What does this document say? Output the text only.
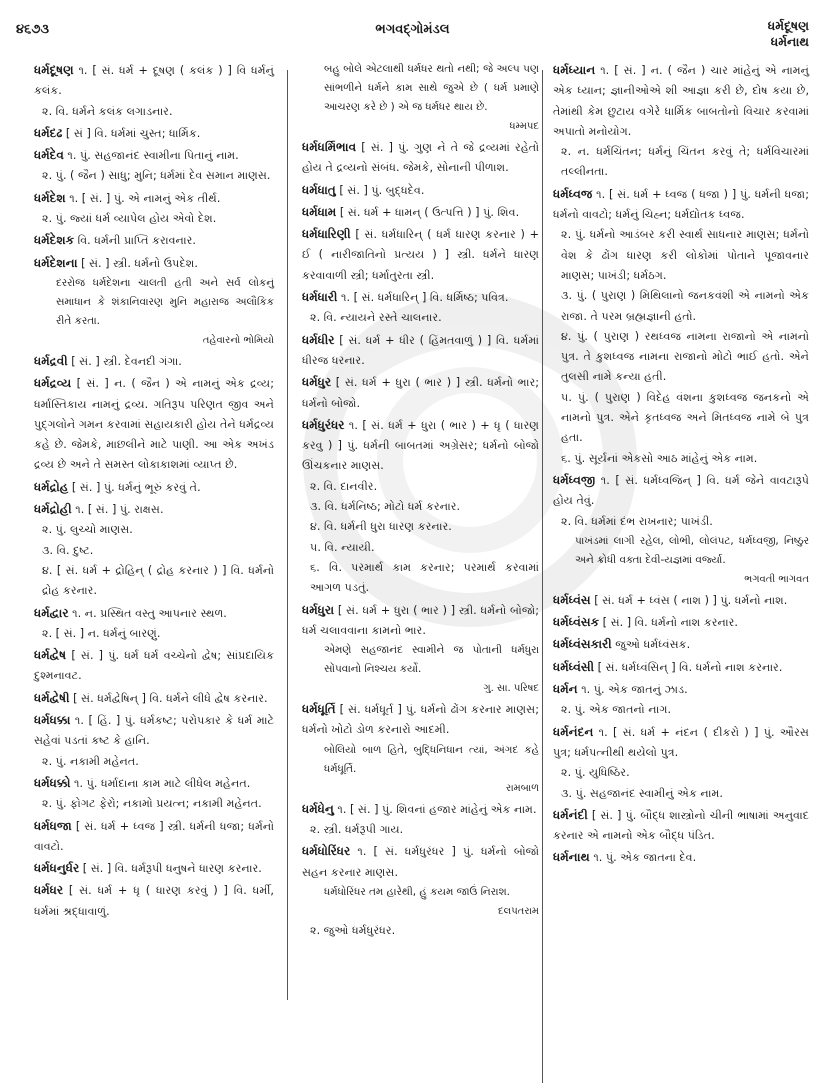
૪૬૭૩	ભગવદ્ગોમંડલ	ધર્મદૂષણ
ધર્મનાથ
ધર્મદૂષણ ૧. [ સં. ધર્મ + દૂષણ ( કલંક ) ] વિ ધર્મનું કલંક.
૨. વિ. ધર્મને કલંક લગાડનાર.
ધર્મદઢ [ સં ] વિ. ધર્મમાં ચુસ્ત; ધાર્મિક.
ધર્મદેવ ૧. પું. સહજાનંદ સ્વામીના પિતાનું નામ.
૨. પું. ( જૈન ) સાધુ; મુનિ; ધર્મમાં દેવ સમાન માણસ.
ધર્મદેશ ૧. [ સં. ] પું. એ નામનું એક તીર્થ.
૨. પું. જ્યાં ધર્મ વ્યાપેલ હોય એવો દેશ.
ધર્મદેશક વિ. ધર્મની પ્રાપ્તિ કરાવનાર.
ધર્મદેશના [ સં. ] સ્ત્રી. ધર્મનો ઉપદેશ.
દરરોજ ધર્મદેશના ચાલતી હતી અને સર્વ લોકનું સમાધાન કે શંકાનિવારણ મુનિ મહારાજ અલૌકિક રીતે કરતા.
તહેવારનો ભોમિયો
ધર્મદ્રવી [ સં. ] સ્ત્રી. દેવનદી ગંગા.
ધર્મદ્રવ્ય [ સં. ] ન. ( જૈન ) એ નામનું એક દ્રવ્ય; ધર્માસ્તિકાય નામનું દ્રવ્ય. ગતિરૂપ પરિણત જીવ અને પુદ્ગલોને ગમન કરવામાં સહાયકારી હોય તેને ધર્મદ્રવ્ય કહે છે. જેમકે, માછલીને માટે પાણી. આ એક અખંડ દ્રવ્ય છે અને તે સમસ્ત લોકાકાશમાં વ્યાપ્ત છે.
ધર્મદ્રોહ [ સં. ] પું. ધર્મનું ભૂરું કરવું તે.
ધર્મદ્રોહી ૧. [ સં. ] પું. રાક્ષસ.
૨. પું. લુચ્ચો માણસ.
૩. વિ. દુષ્ટ.
૪. [ સં. ધર્મ + દ્રોહિન્ ( દ્રોહ કરનાર ) ] વિ. ધર્મનો દ્રોહ કરનાર.
ધર્મદ્વાર ૧. ન. પ્રસ્થિત વસ્તુ આપનાર સ્થળ.
૨. [ સં. ] ન. ધર્મનું બારણું.
ધર્મદ્વેષ [ સં. ] પું. ધર્મ ધર્મ વચ્ચેનો દ્વેષ; સાંપ્રદાયિક દુશ્મનાવટ.
ધર્મદ્વેષી [ સં. ધર્મદ્વેષિન્ ] વિ. ધર્મને લીધે દ્વેષ કરનાર.
ધર્મધક્કા ૧. [ હિં. ] પું. ધર્મકષ્ટ; પરોપકાર કે ધર્મ માટે સહેવાં પડતાં કષ્ટ કે હાનિ.
૨. પું. નકામી મહેનત.
ધર્મધક્કો ૧. પું. ધર્માદાના કામ માટે લીધેલ મહેનત.
૨. પું. ફોગટ ફેરો; નકામો પ્રયત્ન; નકામી મહેનત.
ધર્મધજા [ સં. ધર્મ + ધ્વજ ] સ્ત્રી. ધર્મની ધજા; ધર્મનો વાવટો.
ધર્મધનુર્ધર [ સં. ] વિ. ધર્મરૂપી ધનુષને ધારણ કરનાર.
ધર્મધર [ સં. ધર્મ + ધૃ ( ધારણ કરવું ) ] વિ. ધર્મી, ધર્મમાં શ્રદ્ધાવાળું.
બહુ બોલે એટલાથી ધર્મધર થતો નથી; જે અલ્પ પણ સાંભળીને ધર્મને કામ સાથે જુએ છે ( ધર્મ પ્રમાણે આચરણ કરે છે ) એ જ ધર્મધર થાય છે.
ધમ્મપદ
ધર્મધર્મિભાવ [ સં. ] પું. ગુણ ને તે જે દ્રવ્યમાં રહેતો હોય તે દ્રવ્યનો સંબંધ. જેમકે, સોનાની પીળાશ.
ધર્મધાતુ [ સં. ] પું. બુદ્ધદેવ.
ધર્મધામ [ સં. ધર્મ + ધામન્ ( ઉત્પત્તિ ) ] પું. શિવ.
ધર્મધારિણી [ સં. ધર્મધારિન્ ( ધર્મ ધારણ કરનાર ) + ઈ ( નારીજાતિનો પ્રત્યય ) ] સ્ત્રી. ધર્મને ધારણ કરવાવાળી સ્ત્રી; ધર્માતુરતા સ્ત્રી.
ધર્મધારી ૧. [ સં. ધર્મધારિન્ ] વિ. ધર્મિષ્ઠ; પવિત્ર.
૨. વિ. ન્યાયને રસ્તે ચાલનાર.
ધર્મધીર [ સં. ધર્મ + ધીર ( હિંમતવાળું ) ] વિ. ધર્મમાં ધીરજ ધરનાર.
ધર્મધુર [ સં. ધર્મ + ધુરા ( ભાર ) ] સ્ત્રી. ધર્મનો ભાર; ધર્મનો બોજો.
ધર્મધુરંધર ૧. [ સં. ધર્મ + ધુરા ( ભાર ) + ધૃ ( ધારણ કરવુ ) ] પું. ધર્મની બાબતમાં અગ્રેસર; ધર્મનો બોજો ઊંચકનાર માણસ.
૨. વિ. દાનવીર.
૩. વિ. ધર્મનિષ્ઠ; મોટો ધર્મ કરનાર.
૪. વિ. ધર્મની ધુરા ધારણ કરનાર.
૫. વિ. ન્યાયી.
૬. વિ. પરમાર્થ કામ કરનાર; પરમાર્થ કરવામાં આગળ પડતું.
ધર્મધુરા [ સં. ધર્મ + ધુરા ( ભાર ) ] સ્ત્રી. ધર્મનો બોજો; ધર્મ ચલાવવાના કામનો ભાર.
એમણે સહજાનંદ સ્વામીને જ પોતાની ધર્મધુરા સોંપવાનો નિશ્ચય કર્યો.
ગુ. સા. પરિષદ
ધર્મધૂર્તિ [ સં. ધર્મધૂર્ત ] પું. ધર્મનો ઢોંગ કરનાર માણસ; ધર્મનો ખોટો ડોળ કરનારો આદમી.
બોલિયો બાળ હિતે, બુદ્ધિનિધાન ત્યાં, અંગદ કહે ધર્મધૂર્તિ.
રામબાળ
ધર્મધેનુ ૧. [ સં. ] પું. શિવનાં હજાર માંહેનું એક નામ.
૨. સ્ત્રી. ધર્મરૂપી ગાય.
ધર્મધોરિંધર ૧. [ સં. ધર્મધુરંધર ] પું. ધર્મનો બોજો સહન કરનાર માણસ.
ધર્મધોરિંધર તમ હારેથી, હું કયમ જાઉં નિરાશ.
દલપતરામ
૨. જુઓ ધર્મધુરંધર.
ધર્મધ્યાન ૧. [ સં. ] ન. ( જૈન ) ચાર માંહેનું એ નામનું એક ધ્યાન; જ્ઞાનીઓએ શી આજ્ઞા કરી છે, દોષ કયા છે, તેમાંથી કેમ છુટાય વગેરે ધાર્મિક બાબતોનો વિચાર કરવામાં અપાતો મનોયોગ.
૨. ન. ધર્મચિંતન; ધર્મનું ચિંતન કરવું તે; ધર્મવિચારમાં તલ્લીનતા.
ધર્મધ્વજ ૧. [ સં. ધર્મ + ધ્વજ ( ધજા ) ] પું. ધર્મની ધજા; ધર્મનો વાવટો; ધર્મનું ચિહ્ન; ધર્મદ્યોતક ધ્વજ.
૨. પું. ધર્મનો આડંબર કરી સ્વાર્થ સાધનાર માણસ; ધર્મનો વેશ કે ઢોંગ ધારણ કરી લોકોમાં પોતાને પૂજાવનાર માણસ; પાખંડી; ધર્મઠગ.
૩. પું. ( પુરાણ ) મિથિલાનો જનકવંશી એ નામનો એક રાજા. તે પરમ બ્રહ્મજ્ઞાની હતો.
૪. પું. ( પુરાણ ) રથધ્વજ નામના રાજાનો એ નામનો પુત્ર. તે કુશધ્વજ નામના રાજાનો મોટો ભાઈ હતો. એને તુલસી નામે કન્યા હતી.
૫. પું. ( પુરાણ ) વિદેહ વંશના કુશધ્વજ જનકનો એ નામનો પુત્ર. એને કૃતધ્વજ અને મિતધ્વજ નામે બે પુત્ર હતા.
૬. પું. સૂર્યનાં એકસો આઠ માંહેનું એક નામ.
ધર્મધ્વજી ૧. [ સં. ધર્મધ્વજિન્ ] વિ. ધર્મ જેને વાવટારૂપે હોય તેવું.
૨. વિ. ધર્મમાં દંભ રાખનાર; પાખંડી.
પાખંડમાં લાગી રહેલ, લોભી, લોલંપટ, ધર્મધ્વજી, નિષ્ઠુર અને ક્રોધી વક્તા દેવી-યજ્ઞમાં વર્જ્યા.
ભગવતી ભાગવત
ધર્મધ્વંસ [ સં. ધર્મ + ધ્વંસ ( નાશ ) ] પું. ધર્મનો નાશ.
ધર્મધ્વંસક [ સં. ] વિ. ધર્મનો નાશ કરનાર.
ધર્મધ્વંસકારી જુઓ ધર્મધ્વંસક.
ધર્મધ્વંસી [ સં. ધર્મધ્વંસિન્ ] વિ. ધર્મનો નાશ કરનાર.
ધર્મન ૧. પું. એક જાતનું ઝાડ.
૨. પું. એક જાતનો નાગ.
ધર્મનંદન ૧. [ સં. ધર્મ + નંદન ( દીકરો ) ] પું. ઔરસ પુત્ર; ધર્મપત્નીથી થયેલો પુત્ર.
૨. પું. યુધિષ્ઠિર.
૩. પું. સહજાનંદ સ્વામીનું એક નામ.
ધર્મનંદી [ સં. ] પું. બૌદ્ધ શાસ્ત્રોનો ચીની ભાષામાં અનુવાદ કરનાર એ નામનો એક બૌદ્ધ પંડિત.
ધર્મનાથ ૧. પું. એક જાતના દેવ.
